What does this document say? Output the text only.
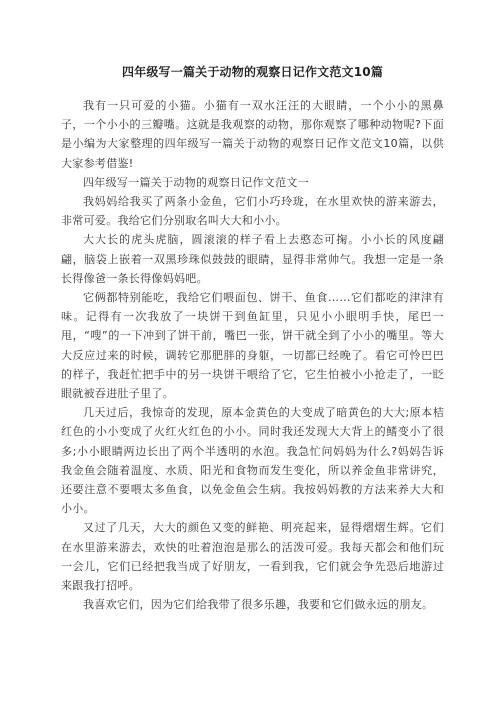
四年级写一篇关于动物的观察日记作文范文10篇

我有一只可爱的小猫。小猫有一双水汪汪的大眼睛，一个小小的黑鼻子，一个小小的三瓣嘴。这就是我观察的动物，那你观察了哪种动物呢?下面是小编为大家整理的四年级写一篇关于动物的观察日记作文范文10篇，以供大家参考借鉴!

四年级写一篇关于动物的观察日记作文范文一

我妈妈给我买了两条小金鱼，它们小巧玲珑，在水里欢快的游来游去，非常可爱。我给它们分别取名叫大大和小小。

大大长的虎头虎脑，圆滚滚的样子看上去憨态可掬。小小长的风度翩翩，脑袋上嵌着一双黑珍珠似鼓鼓的眼睛，显得非常帅气。我想一定是一条长得像爸一条长得像妈妈吧。

它俩都特别能吃，我给它们喂面包、饼干、鱼食……它们都吃的津津有味。记得有一次我放了一块饼干到鱼缸里，只见小小眼明手快，尾巴一甩，“嗖”的一下冲到了饼干前，嘴巴一张，饼干就全到了小小的嘴里。等大大反应过来的时候，调转它那肥胖的身躯，一切都已经晚了。看它可怜巴巴的样子，我赶忙把手中的另一块饼干喂给了它，它生怕被小小抢走了，一眨眼就被吞进肚子里了。

几天过后，我惊奇的发现，原本金黄色的大变成了暗黄色的大大;原本桔红色的小小变成了火红火红色的小小。同时我还发现大大背上的鳍变小了很多;小小眼睛两边长出了两个半透明的水泡。我急忙问妈妈为什么?妈妈告诉我金鱼会随着温度、水质、阳光和食物而发生变化，所以养金鱼非常讲究，还要注意不要喂太多鱼食，以免金鱼会生病。我按妈妈教的方法来养大大和小小。

又过了几天，大大的颜色又变的鲜艳、明亮起来，显得熠熠生辉。它们在水里游来游去，欢快的吐着泡泡是那么的活泼可爱。我每天都会和他们玩一会儿，它们已经把我当成了好朋友，一看到我，它们就会争先恐后地游过来跟我打招呼。

我喜欢它们，因为它们给我带了很多乐趣，我要和它们做永远的朋友。
